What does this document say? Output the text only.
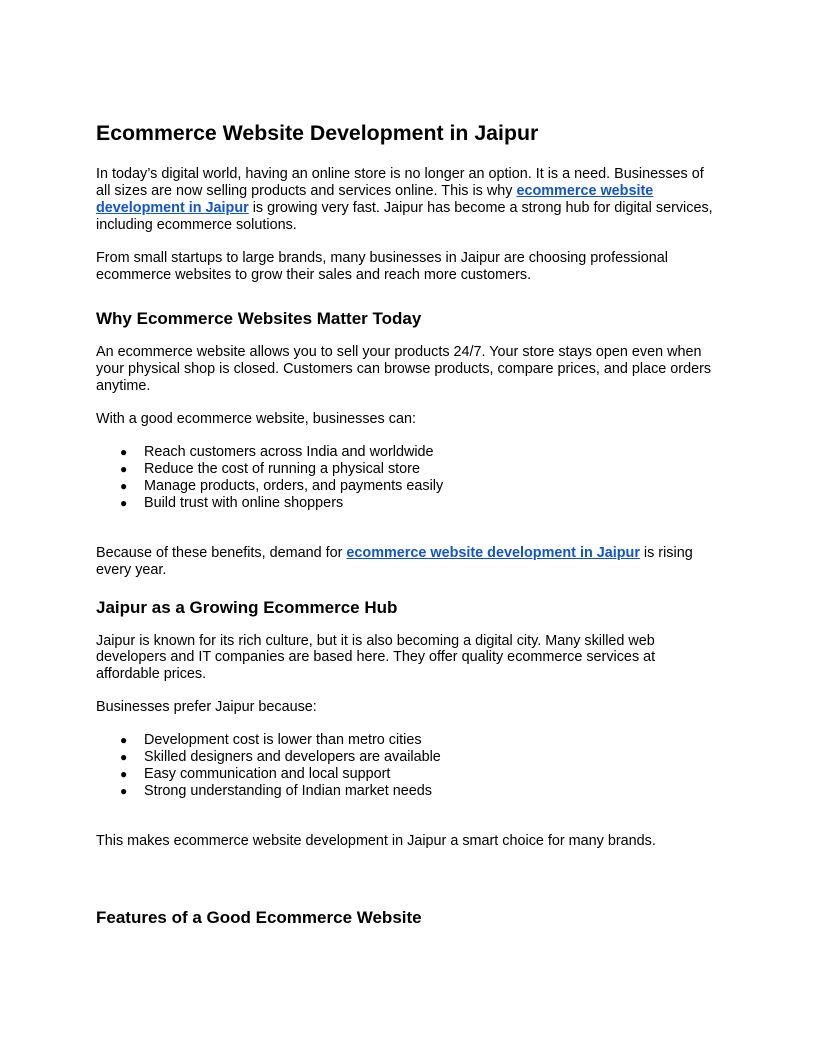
Ecommerce Website Development in Jaipur

In today’s digital world, having an online store is no longer an option. It is a need. Businesses of all sizes are now selling products and services online. This is why ecommerce website development in Jaipur is growing very fast. Jaipur has become a strong hub for digital services, including ecommerce solutions.

From small startups to large brands, many businesses in Jaipur are choosing professional ecommerce websites to grow their sales and reach more customers.

Why Ecommerce Websites Matter Today

An ecommerce website allows you to sell your products 24/7. Your store stays open even when your physical shop is closed. Customers can browse products, compare prices, and place orders anytime.

With a good ecommerce website, businesses can:

● Reach customers across India and worldwide
● Reduce the cost of running a physical store
● Manage products, orders, and payments easily
● Build trust with online shoppers

Because of these benefits, demand for ecommerce website development in Jaipur is rising every year.

Jaipur as a Growing Ecommerce Hub

Jaipur is known for its rich culture, but it is also becoming a digital city. Many skilled web developers and IT companies are based here. They offer quality ecommerce services at affordable prices.

Businesses prefer Jaipur because:

● Development cost is lower than metro cities
● Skilled designers and developers are available
● Easy communication and local support
● Strong understanding of Indian market needs

This makes ecommerce website development in Jaipur a smart choice for many brands.

Features of a Good Ecommerce Website
